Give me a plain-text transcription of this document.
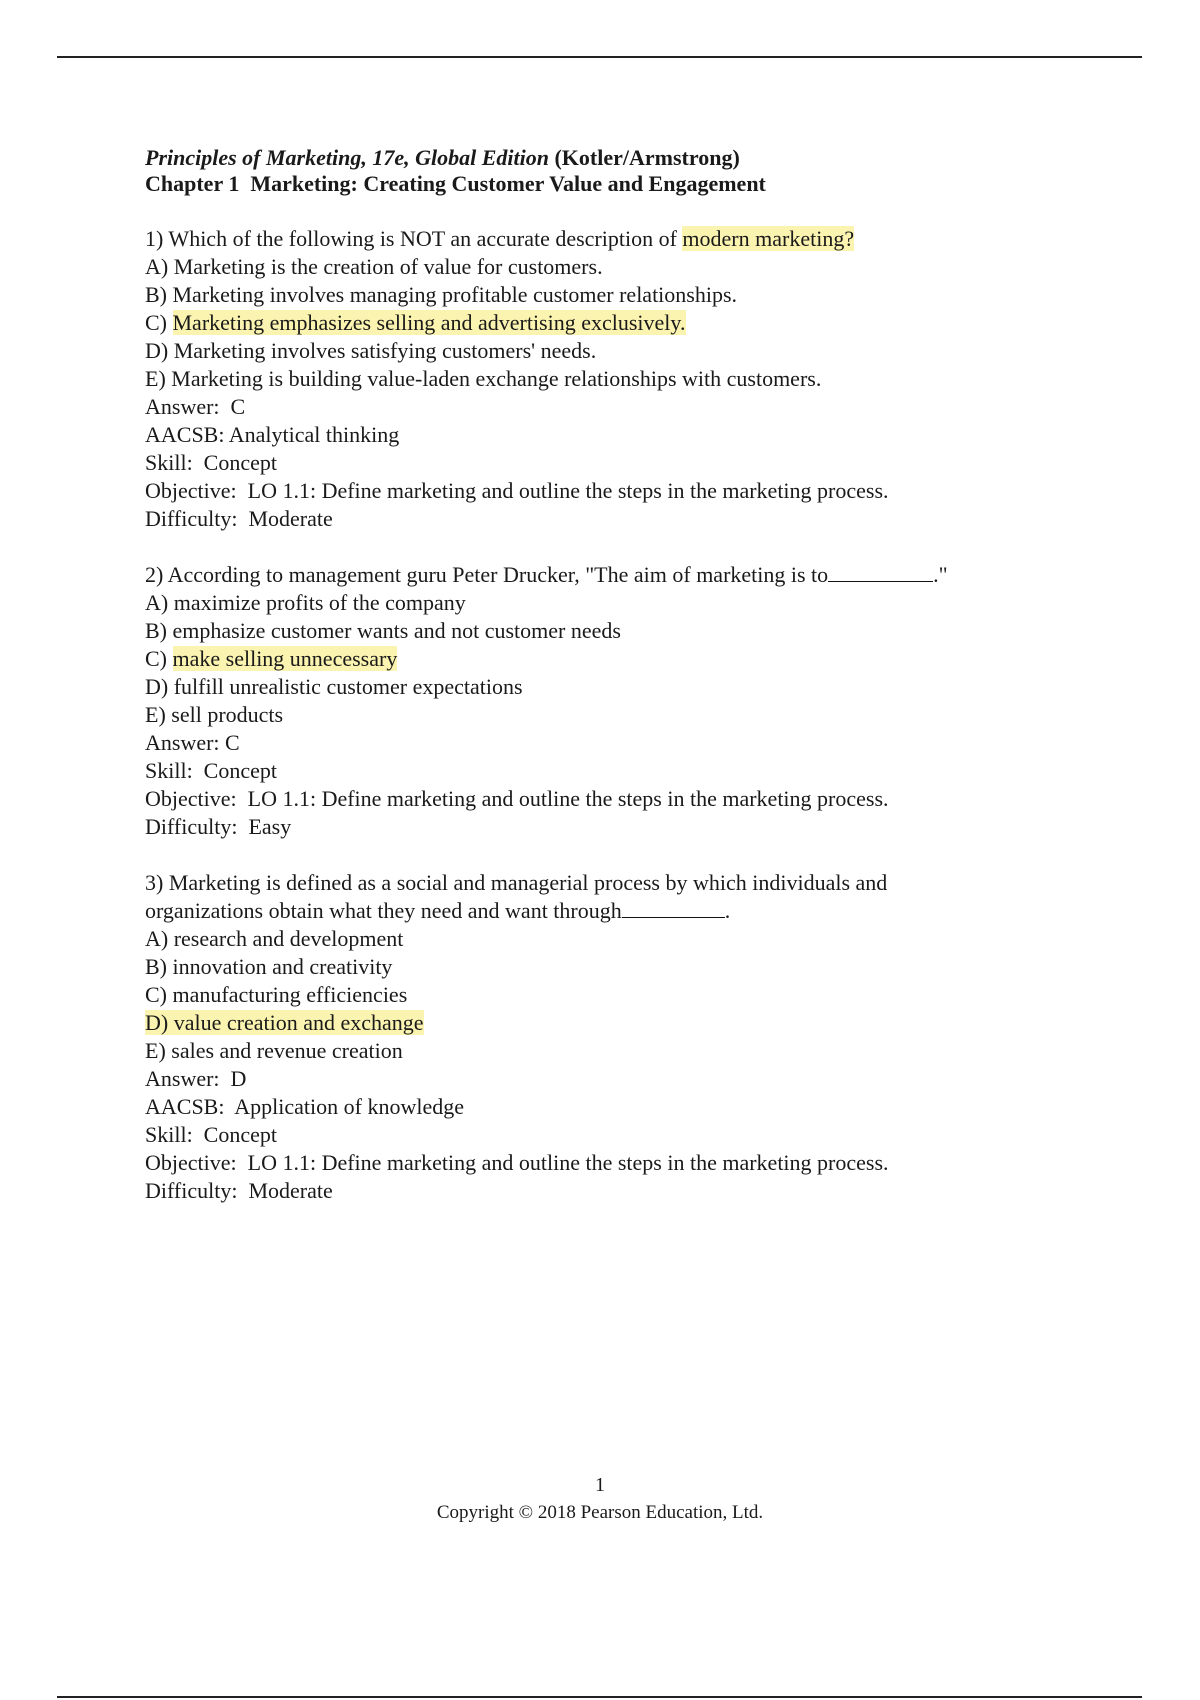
Principles of Marketing, 17e, Global Edition (Kotler/Armstrong)
Chapter 1  Marketing: Creating Customer Value and Engagement
1) Which of the following is NOT an accurate description of modern marketing?
A) Marketing is the creation of value for customers.
B) Marketing involves managing profitable customer relationships.
C) Marketing emphasizes selling and advertising exclusively.
D) Marketing involves satisfying customers' needs.
E) Marketing is building value-laden exchange relationships with customers.
Answer:  C
AACSB: Analytical thinking
Skill:  Concept
Objective:  LO 1.1: Define marketing and outline the steps in the marketing process.
Difficulty:  Moderate
2) According to management guru Peter Drucker, "The aim of marketing is to	."
A) maximize profits of the company
B) emphasize customer wants and not customer needs
C) make selling unnecessary
D) fulfill unrealistic customer expectations
E) sell products
Answer: C
Skill:  Concept
Objective:  LO 1.1: Define marketing and outline the steps in the marketing process.
Difficulty:  Easy
3) Marketing is defined as a social and managerial process by which individuals and
organizations obtain what they need and want through	.
A) research and development
B) innovation and creativity
C) manufacturing efficiencies
D) value creation and exchange
E) sales and revenue creation
Answer:  D
AACSB:  Application of knowledge
Skill:  Concept
Objective:  LO 1.1: Define marketing and outline the steps in the marketing process.
Difficulty:  Moderate
1
Copyright © 2018 Pearson Education, Ltd.
